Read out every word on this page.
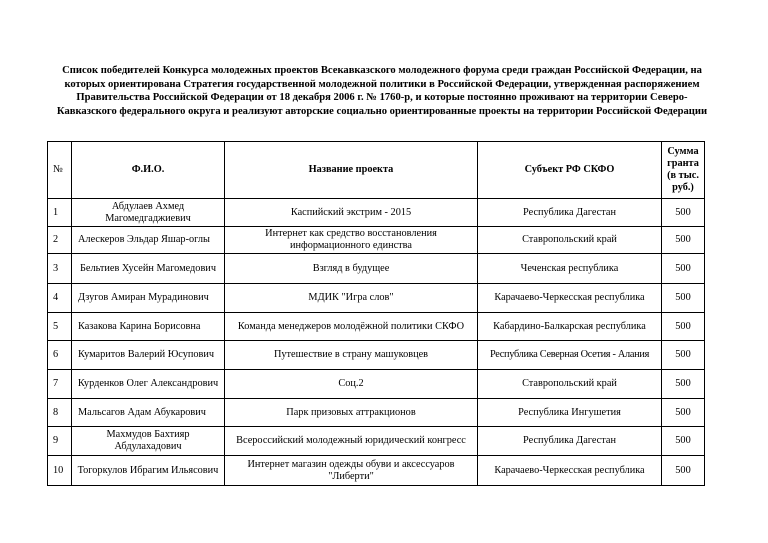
Список победителей Конкурса молодежных проектов Всекавказского молодежного форума среди граждан Российской Федерации, на которых ориентирована Стратегия государственной молодежной политики в Российской Федерации, утвержденная распоряжением Правительства Российской Федерации от 18 декабря 2006 г. № 1760-р, и которые постоянно проживают на территории Северо-Кавказского федерального округа и реализуют авторские социально ориентированные проекты на территории Российской Федерации
№	Ф.И.О.	Название проекта	Субъект РФ СКФО	Сумма гранта (в тыс. руб.)
1	Абдулаев Ахмед Магомедгаджиевич	Каспийский экстрим - 2015	Республика Дагестан	500
2	Алескеров Эльдар Яшар-оглы	Интернет как средство восстановления информационного единства	Ставропольский край	500
3	Бельтиев Хусейн Магомедович	Взгляд в будущее	Чеченская республика	500
4	Дзугов Амиран Мурадинович	МДИК "Игра слов"	Карачаево-Черкесская республика	500
5	Казакова Карина Борисовна	Команда менеджеров молодёжной политики СКФО	Кабардино-Балкарская республика	500
6	Кумаритов Валерий Юсупович	Путешествие в страну машуковцев	Республика Северная Осетия - Алания	500
7	Курденков Олег Александрович	Соц.2	Ставропольский край	500
8	Мальсагов Адам Абукарович	Парк призовых аттракционов	Республика Ингушетия	500
9	Махмудов Бахтияр Абдулахадович	Всероссийский молодежный юридический конгресс	Республика Дагестан	500
10	Тогоркулов Ибрагим Ильясович	Интернет магазин одежды обуви и аксессуаров "Либерти"	Карачаево-Черкесская республика	500
